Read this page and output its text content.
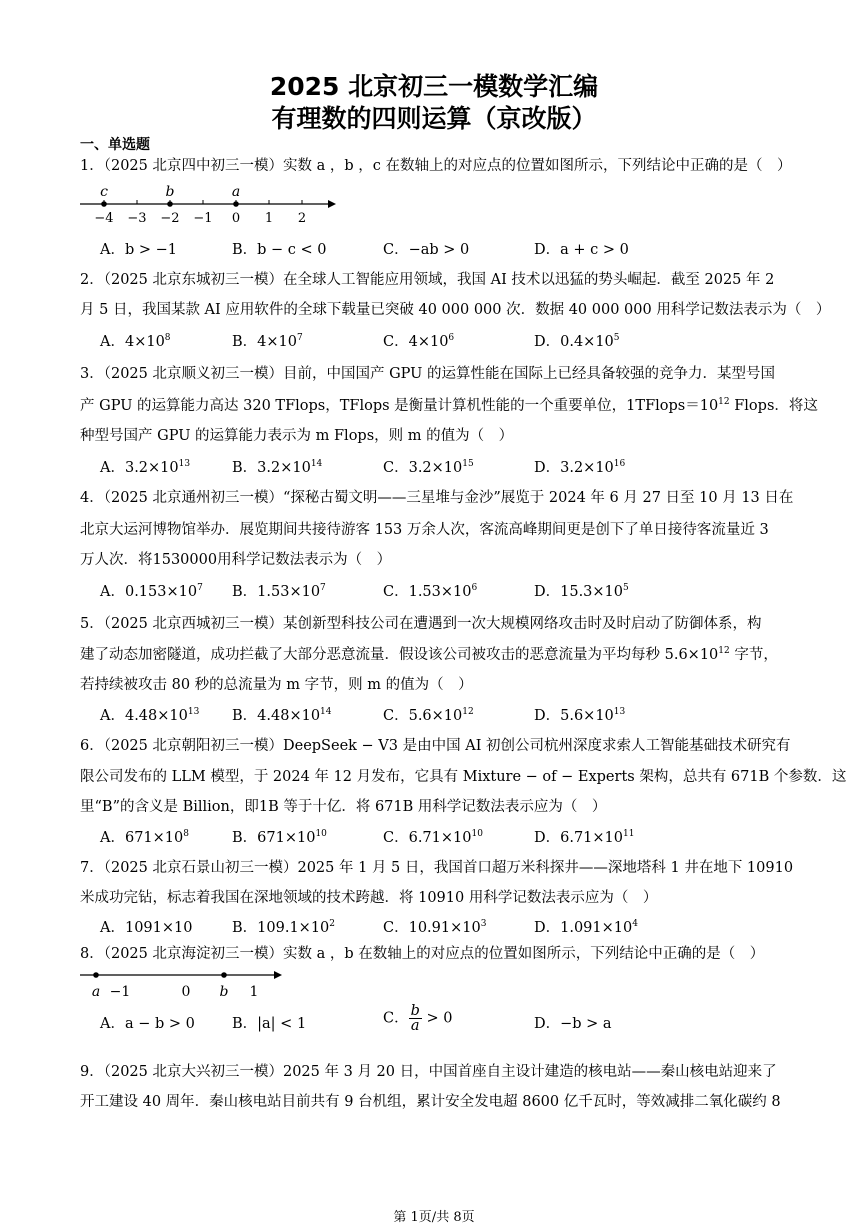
2025 北京初三一模数学汇编
有理数的四则运算（京改版）
一、单选题
1．（2025 北京四中初三一模）实数 a ，b ，c 在数轴上的对应点的位置如图所示，下列结论中正确的是（　）
−4 −3 −2 −1 0 1 2
c	b	a
A．b > −1	B．b − c < 0	C．−ab > 0	D．a + c > 0
2．（2025 北京东城初三一模）在全球人工智能应用领域，我国 AI 技术以迅猛的势头崛起．截至 2025 年 2
月 5 日，我国某款 AI 应用软件的全球下载量已突破 40 000 000 次．数据 40 000 000 用科学记数法表示为（　）
A．$4\times 10^8$	B．$4\times 10^7$	C．$4\times 10^6$	D．$0.4\times 10^5$
3．（2025 北京顺义初三一模）目前，中国国产 GPU 的运算性能在国际上已经具备较强的竞争力．某型号国
产 GPU 的运算能力高达 320 TFlops，TFlops 是衡量计算机性能的一个重要单位，$1TFlops=10^{12}$ Flops．将这
种型号国产 GPU 的运算能力表示为 m Flops，则 m 的值为（　）
A．$3.2\times 10^{13}$	B．$3.2\times 10^{14}$	C．$3.2\times 10^{15}$	D．$3.2\times 10^{16}$
4．（2025 北京通州初三一模）“探秘古蜀文明——三星堆与金沙”展览于 2024 年 6 月 27 日至 10 月 13 日在
北京大运河博物馆举办．展览期间共接待游客 153 万余人次，客流高峰期间更是创下了单日接待客流量近 3
万人次．将1530000用科学记数法表示为（　）
A．$0.153\times 10^7$ B．$1.53\times 10^7$	C．$1.53\times 10^6$	D．$15.3\times 10^5$
5．（2025 北京西城初三一模）某创新型科技公司在遭遇到一次大规模网络攻击时及时启动了防御体系，构
建了动态加密隧道，成功拦截了大部分恶意流量．假设该公司被攻击的恶意流量为平均每秒 $5.6\times 10^{12}$ 字节，
若持续被攻击 80 秒的总流量为 m 字节，则 m 的值为（　）
A．$4.48\times 10^{13}$ B．$4.48\times 10^{14}$	C．$5.6\times 10^{12}$	D．$5.6\times 10^{13}$
6．（2025 北京朝阳初三一模）DeepSeek − V3 是由中国 AI 初创公司杭州深度求索人工智能基础技术研究有
限公司发布的 LLM 模型，于 2024 年 12 月发布，它具有 Mixture − of − Experts 架构，总共有 671B 个参数．这
里“B”的含义是 Billion，即1B 等于十亿．将 671B 用科学记数法表示应为（　）
A．$671\times 10^8$	B．$671\times 10^{10}$	C．$6.71\times 10^{10}$	D．$6.71\times 10^{11}$
7．（2025 北京石景山初三一模）2025 年 1 月 5 日，我国首口超万米科探井——深地塔科 1 井在地下 10910
米成功完钻，标志着我国在深地领域的技术跨越．将 10910 用科学记数法表示应为（　）
A．1091×10	B．$109.1\times 10^2$	C．$10.91\times 10^3$	D．$1.091\times 10^4$
8．（2025 北京海淀初三一模）实数 a ，b 在数轴上的对应点的位置如图所示，下列结论中正确的是（　）
a −1	0 b 1
A．a − b > 0	B．|a| < 1	C． $\frac{b}{a} > 0$	D．−b > a
9．（2025 北京大兴初三一模）2025 年 3 月 20 日，中国首座自主设计建造的核电站——秦山核电站迎来了
开工建设 40 周年．秦山核电站目前共有 9 台机组，累计安全发电超 8600 亿千瓦时，等效减排二氧化碳约 8
第 1页/共 8页
